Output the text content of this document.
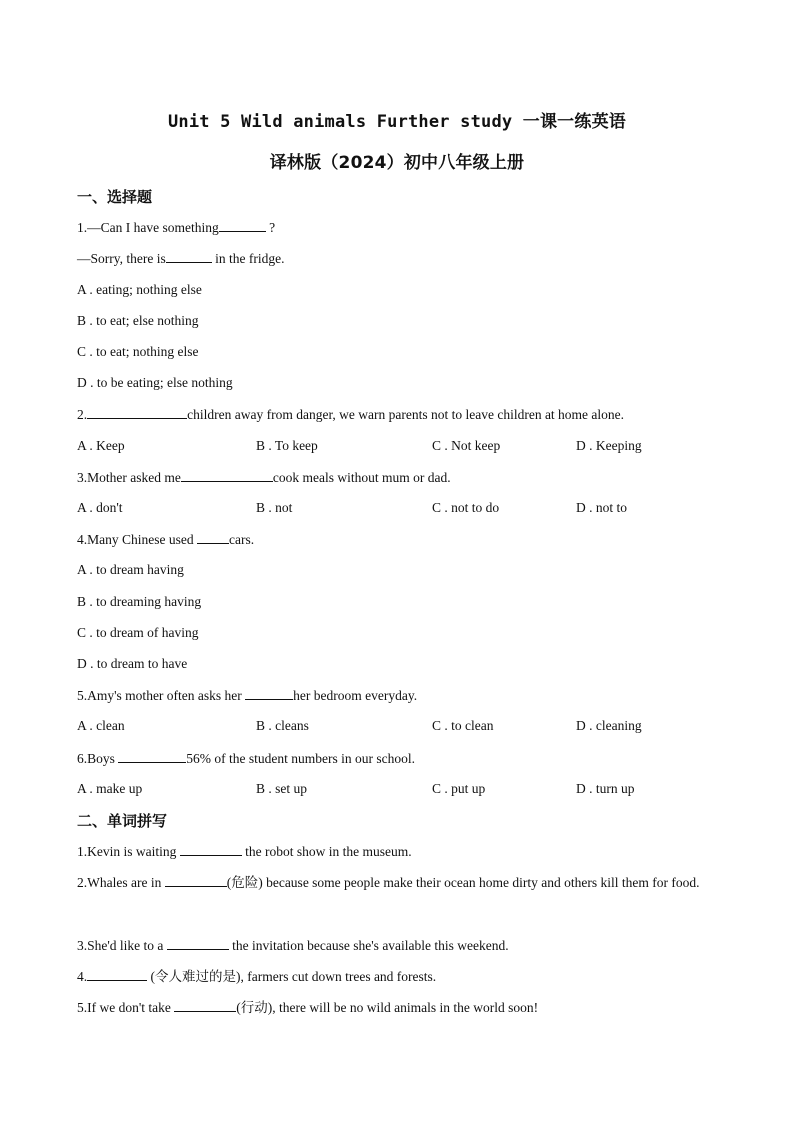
Unit 5 Wild animals Further study 一课一练英语
译林版（2024）初中八年级上册
一、选择题
1.—Can I have something	?
—Sorry, there is	in the fridge.
A . eating; nothing else
B . to eat; else nothing
C . to eat; nothing else
D . to be eating; else nothing
2.	children away from danger, we warn parents not to leave children at home alone.
A . Keep	B . To keep	C . Not keep	D . Keeping
3.Mother asked me	cook meals without mum or dad.
A . don't	B . not	C . not to do	D . not to
4.Many Chinese used cars.
A . to dream having
B . to dreaming having
C . to dream of having
D . to dream to have
5.Amy's mother often asks her	her bedroom everyday.
A . clean	B . cleans	C . to clean	D . cleaning
6.Boys	56% of the student numbers in our school.
A . make up	B . set up	C . put up	D . turn up
二、单词拼写
1.Kevin is waiting	the robot show in the museum.
2.Whales are in	(危险) because some people make their ocean home dirty and others kill them for food.
3.She'd like to a	the invitation because she's available this weekend.
4.	(令人难过的是), farmers cut down trees and forests.
5.If we don't take	(行动), there will be no wild animals in the world soon!
